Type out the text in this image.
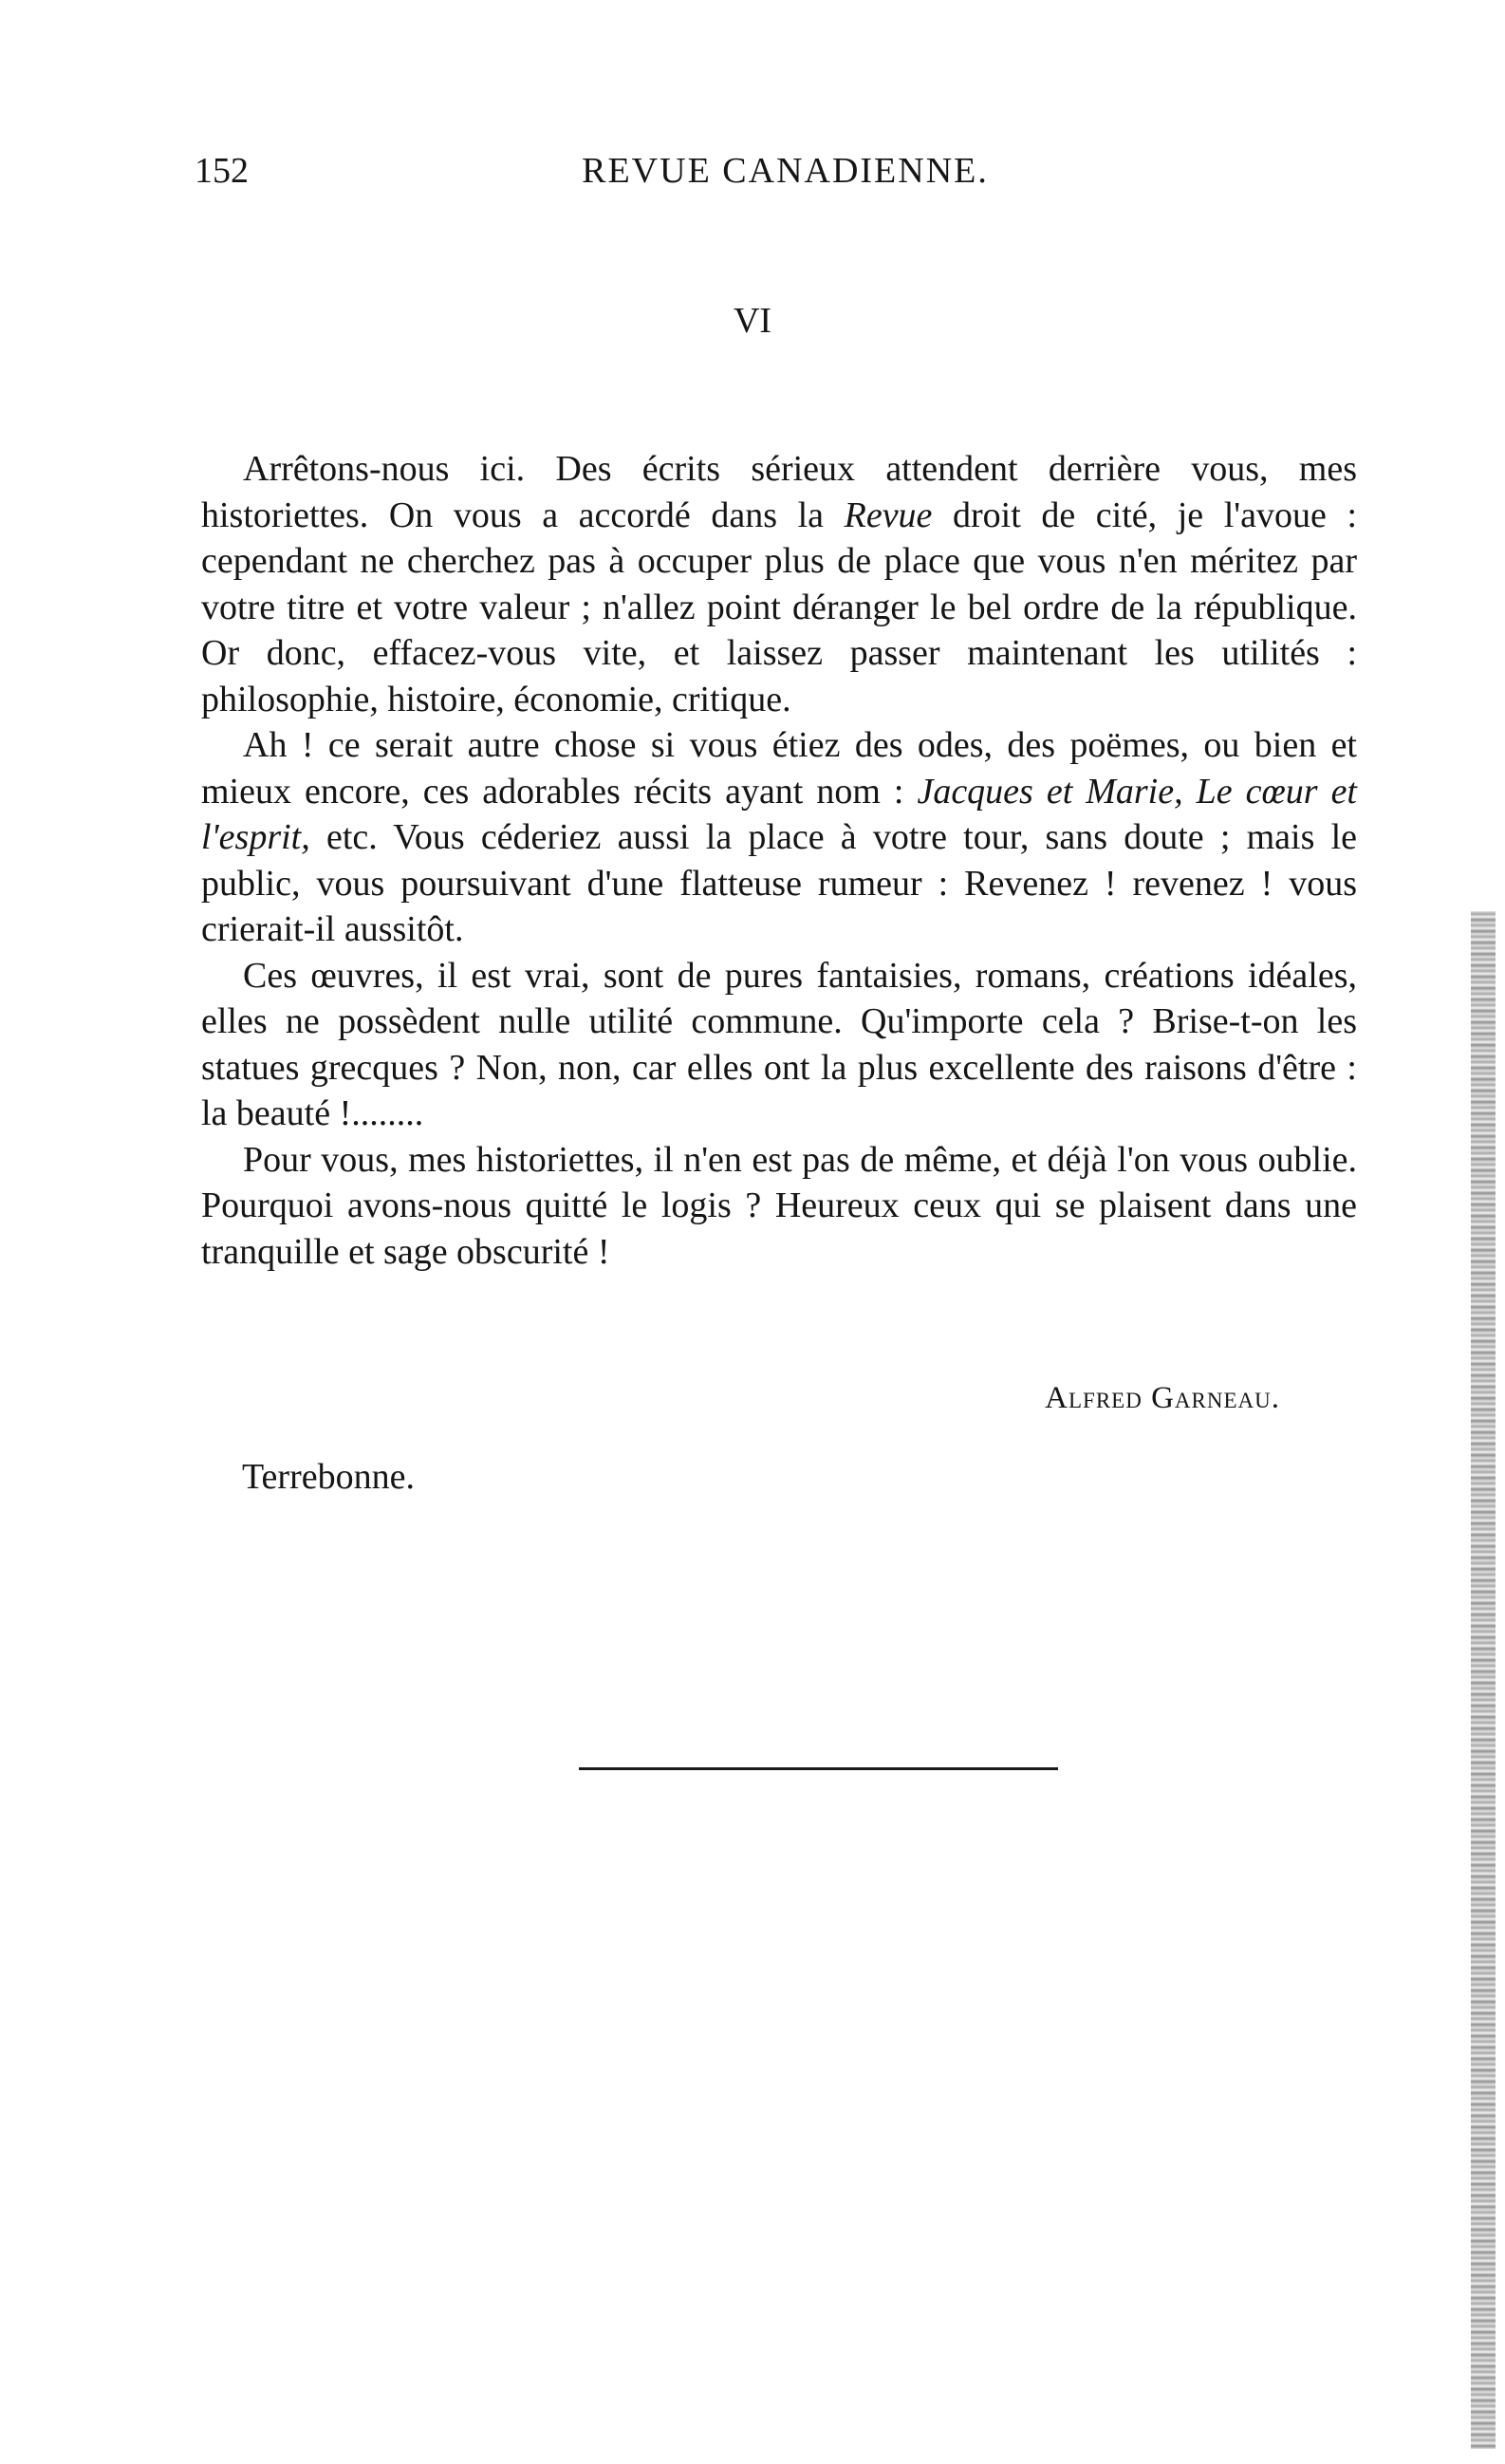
152	REVUE CANADIENNE.
VI

Arrêtons-nous ici. Des écrits sérieux attendent derrière vous, mes historiettes. On vous a accordé dans la Revue droit de cité, je l'avoue : cependant ne cherchez pas à occuper plus de place que vous n'en méritez par votre titre et votre valeur ; n'allez point déranger le bel ordre de la république. Or donc, effacez-vous vite, et laissez passer maintenant les utilités : philosophie, histoire, économie, critique.

Ah ! ce serait autre chose si vous étiez des odes, des poëmes, ou bien et mieux encore, ces adorables récits ayant nom : Jacques et Marie, Le cœur et l'esprit, etc. Vous céderiez aussi la place à votre tour, sans doute ; mais le public, vous poursuivant d'une flatteuse rumeur : Revenez ! revenez ! vous crierait-il aussitôt.

Ces œuvres, il est vrai, sont de pures fantaisies, romans, créations idéales, elles ne possèdent nulle utilité commune. Qu'importe cela ? Brise-t-on les statues grecques ? Non, non, car elles ont la plus excellente des raisons d'être : la beauté !........

Pour vous, mes historiettes, il n'en est pas de même, et déjà l'on vous oublie. Pourquoi avons-nous quitté le logis ? Heureux ceux qui se plaisent dans une tranquille et sage obscurité !

Alfred Garneau.
Terrebonne.
